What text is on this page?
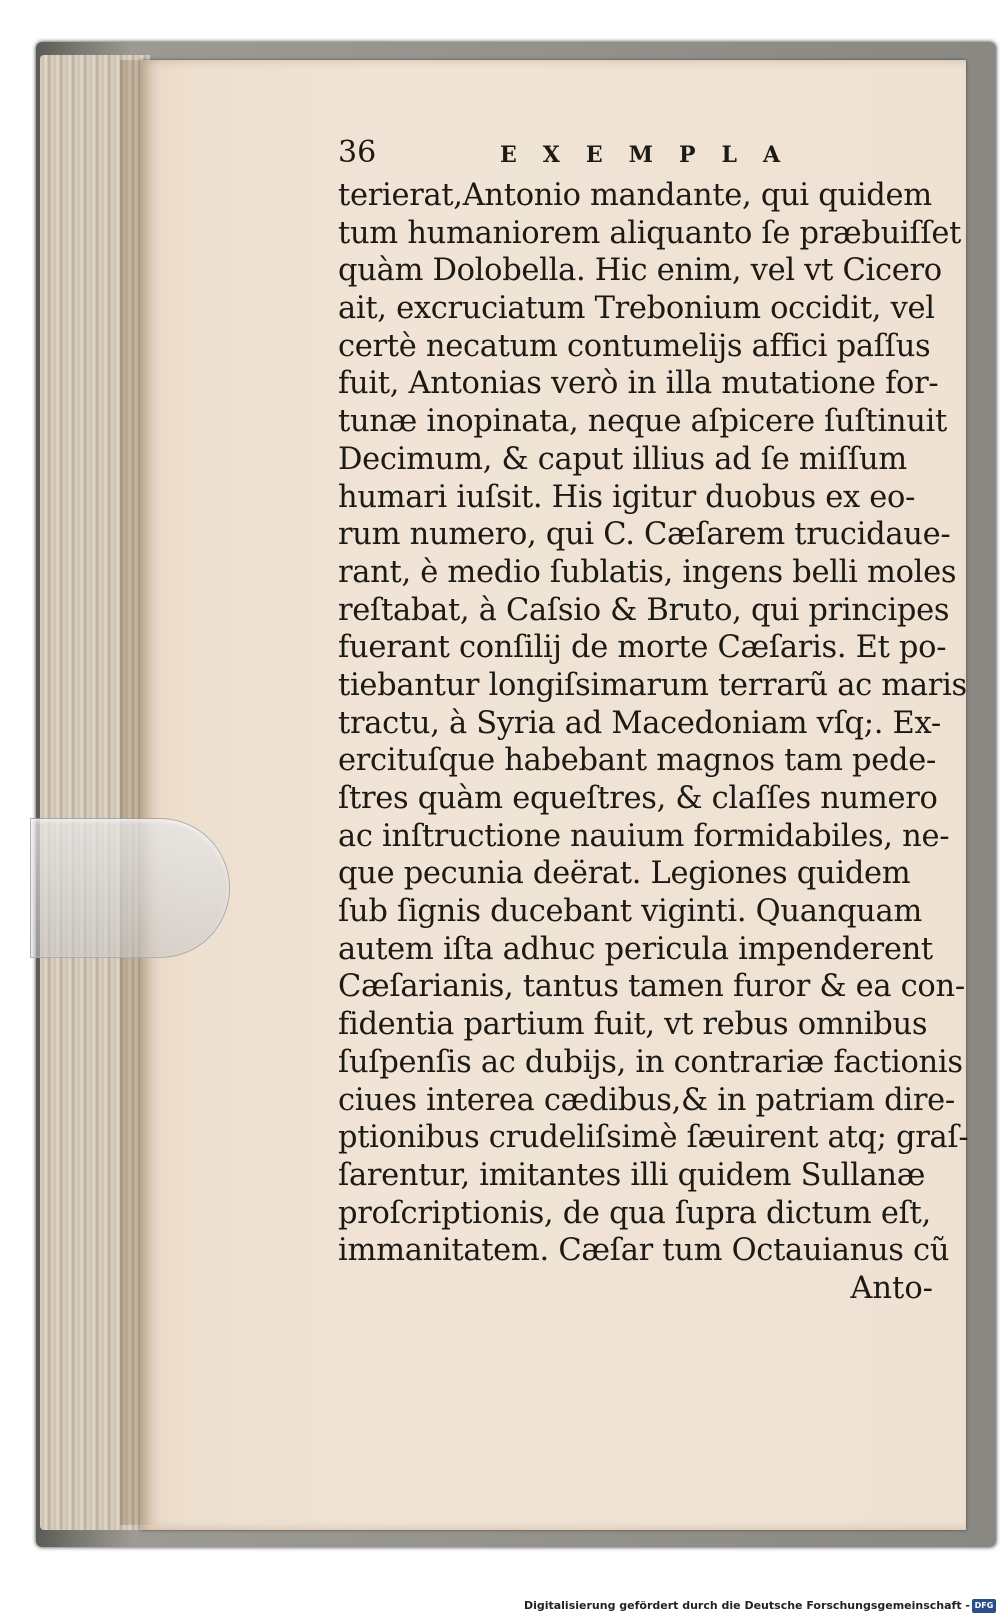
36	EXEMPLA
terierat,Antonio mandante, qui quidem
tum humaniorem aliquanto ſe præbuiſſet
quàm Dolobella. Hic enim, vel vt Cicero
ait, excruciatum Trebonium occidit, vel
certè necatum contumelijs affici paſſus
fuit, Antonias verò in illa mutatione for-
tunæ inopinata, neque aſpicere ſuſtinuit
Decimum, & caput illius ad ſe miſſum
humari iuſsit. His igitur duobus ex eo-
rum numero, qui C. Cæſarem trucidaue-
rant, è medio ſublatis, ingens belli moles
reſtabat, à Caſsio & Bruto, qui principes
fuerant conſilij de morte Cæſaris. Et po-
tiebantur longiſsimarum terrarũ ac maris
tractu, à Syria ad Macedoniam vſq;. Ex-
ercituſque habebant magnos tam pede-
ſtres quàm equeſtres, & claſſes numero
ac inſtructione nauium formidabiles, ne-
que pecunia deërat. Legiones quidem
ſub ſignis ducebant viginti. Quanquam
autem iſta adhuc pericula impenderent
Cæſarianis, tantus tamen furor & ea con-
fidentia partium fuit, vt rebus omnibus
ſuſpenſis ac dubijs, in contrariæ factionis
ciues interea cædibus,& in patriam dire-
ptionibus crudeliſsimè ſæuirent atq; graſ-
ſarentur, imitantes illi quidem Sullanæ
proſcriptionis, de qua ſupra dictum eſt,
immanitatem. Cæſar tum Octauianus cũ
Anto-
Digitalisierung gefördert durch die Deutsche Forschungsgemeinschaft - DFG
